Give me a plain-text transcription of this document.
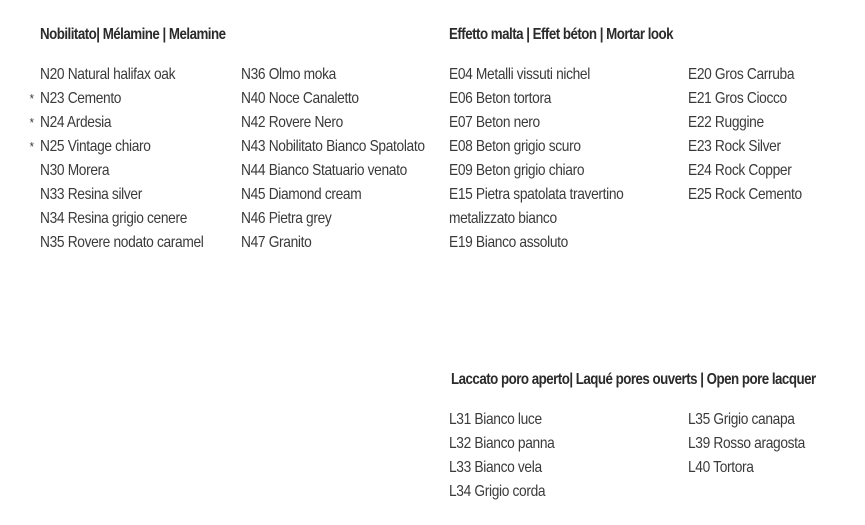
Nobilitato| Mélamine | Melamine
N20 Natural halifax oak
* N23 Cemento
* N24 Ardesia
* N25 Vintage chiaro
N30 Morera
N33 Resina silver
N34 Resina grigio cenere
N35 Rovere nodato caramel
N36 Olmo moka
N40 Noce Canaletto
N42 Rovere Nero
N43 Nobilitato Bianco Spatolato
N44 Bianco Statuario venato
N45 Diamond cream
N46 Pietra grey
N47 Granito
Effetto malta | Effet béton | Mortar look
E04 Metalli vissuti nichel
E06 Beton tortora
E07 Beton nero
E08 Beton grigio scuro
E09 Beton grigio chiaro
E15 Pietra spatolata travertino
metalizzato bianco
E19 Bianco assoluto
E20 Gros Carruba
E21 Gros Ciocco
E22 Ruggine
E23 Rock Silver
E24 Rock Copper
E25 Rock Cemento
Laccato poro aperto| Laqué pores ouverts | Open pore lacquer
L31 Bianco luce
L32 Bianco panna
L33 Bianco vela
L34 Grigio corda
L35 Grigio canapa
L39 Rosso aragosta
L40 Tortora
